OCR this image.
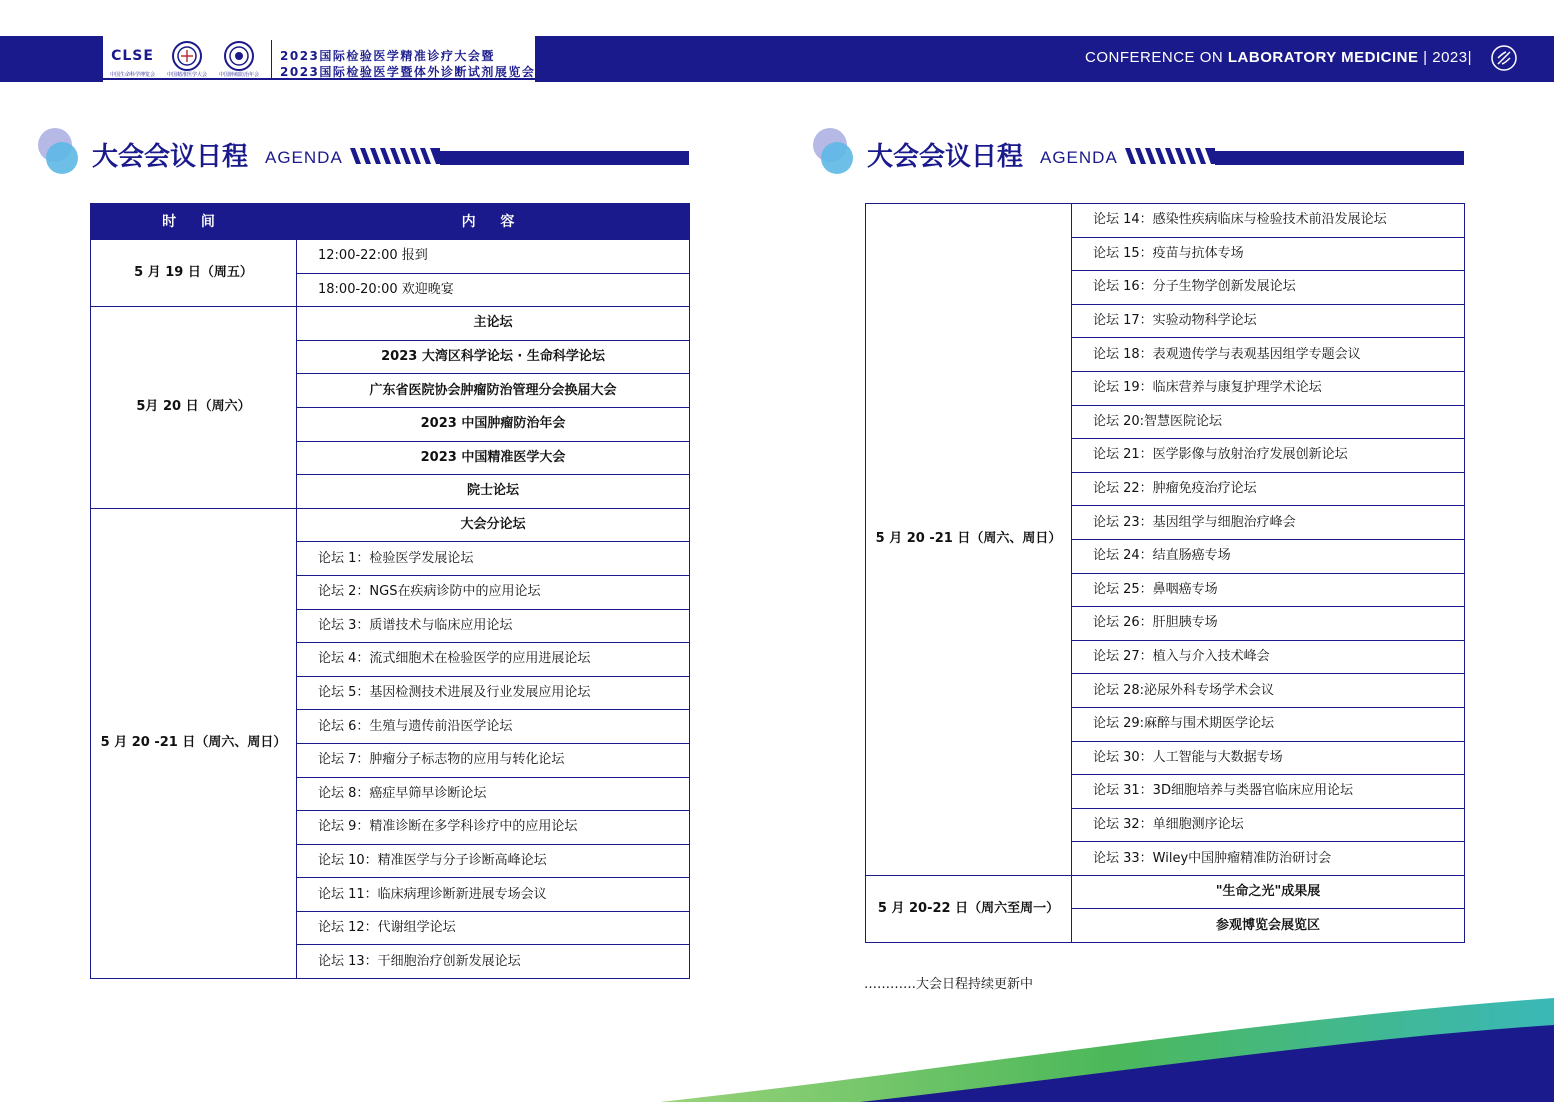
CLSE
中国生命科学博览会 中国精准医学大会 中国肿瘤防治年会
2023国际检验医学精准诊疗大会暨
2023国际检验医学暨体外诊断试剂展览会
CONFERENCE ON LABORATORY MEDICINE | 2023|
大会会议日程 AGENDA	大会会议日程 AGENDA
时 间	内 容
5 月 19 日（周五）	12:00-22:00 报到
	18:00-20:00 欢迎晚宴
5月 20 日（周六）	主论坛
	2023 大湾区科学论坛 · 生命科学论坛
	广东省医院协会肿瘤防治管理分会换届大会
	2023 中国肿瘤防治年会
	2023 中国精准医学大会
	院士论坛
5 月 20 -21 日（周六、周日）	大会分论坛
	论坛 1：检验医学发展论坛
	论坛 2：NGS在疾病诊防中的应用论坛
	论坛 3：质谱技术与临床应用论坛
	论坛 4：流式细胞术在检验医学的应用进展论坛
	论坛 5：基因检测技术进展及行业发展应用论坛
	论坛 6：生殖与遗传前沿医学论坛
	论坛 7：肿瘤分子标志物的应用与转化论坛
	论坛 8：癌症早筛早诊断论坛
	论坛 9：精准诊断在多学科诊疗中的应用论坛
	论坛 10：精准医学与分子诊断高峰论坛
	论坛 11：临床病理诊断新进展专场会议
	论坛 12：代谢组学论坛
	论坛 13：干细胞治疗创新发展论坛
5 月 20 -21 日（周六、周日）	论坛 14：感染性疾病临床与检验技术前沿发展论坛
	论坛 15：疫苗与抗体专场
	论坛 16：分子生物学创新发展论坛
	论坛 17：实验动物科学论坛
	论坛 18：表观遗传学与表观基因组学专题会议
	论坛 19：临床营养与康复护理学术论坛
	论坛 20:智慧医院论坛
	论坛 21：医学影像与放射治疗发展创新论坛
	论坛 22：肿瘤免疫治疗论坛
	论坛 23：基因组学与细胞治疗峰会
	论坛 24：结直肠癌专场
	论坛 25：鼻咽癌专场
	论坛 26：肝胆胰专场
	论坛 27：植入与介入技术峰会
	论坛 28:泌尿外科专场学术会议
	论坛 29:麻醉与围术期医学论坛
	论坛 30：人工智能与大数据专场
	论坛 31：3D细胞培养与类器官临床应用论坛
	论坛 32：单细胞测序论坛
	论坛 33：Wiley中国肿瘤精准防治研讨会
5 月 20-22 日（周六至周一）	"生命之光"成果展
	参观博览会展览区
…………大会日程持续更新中
